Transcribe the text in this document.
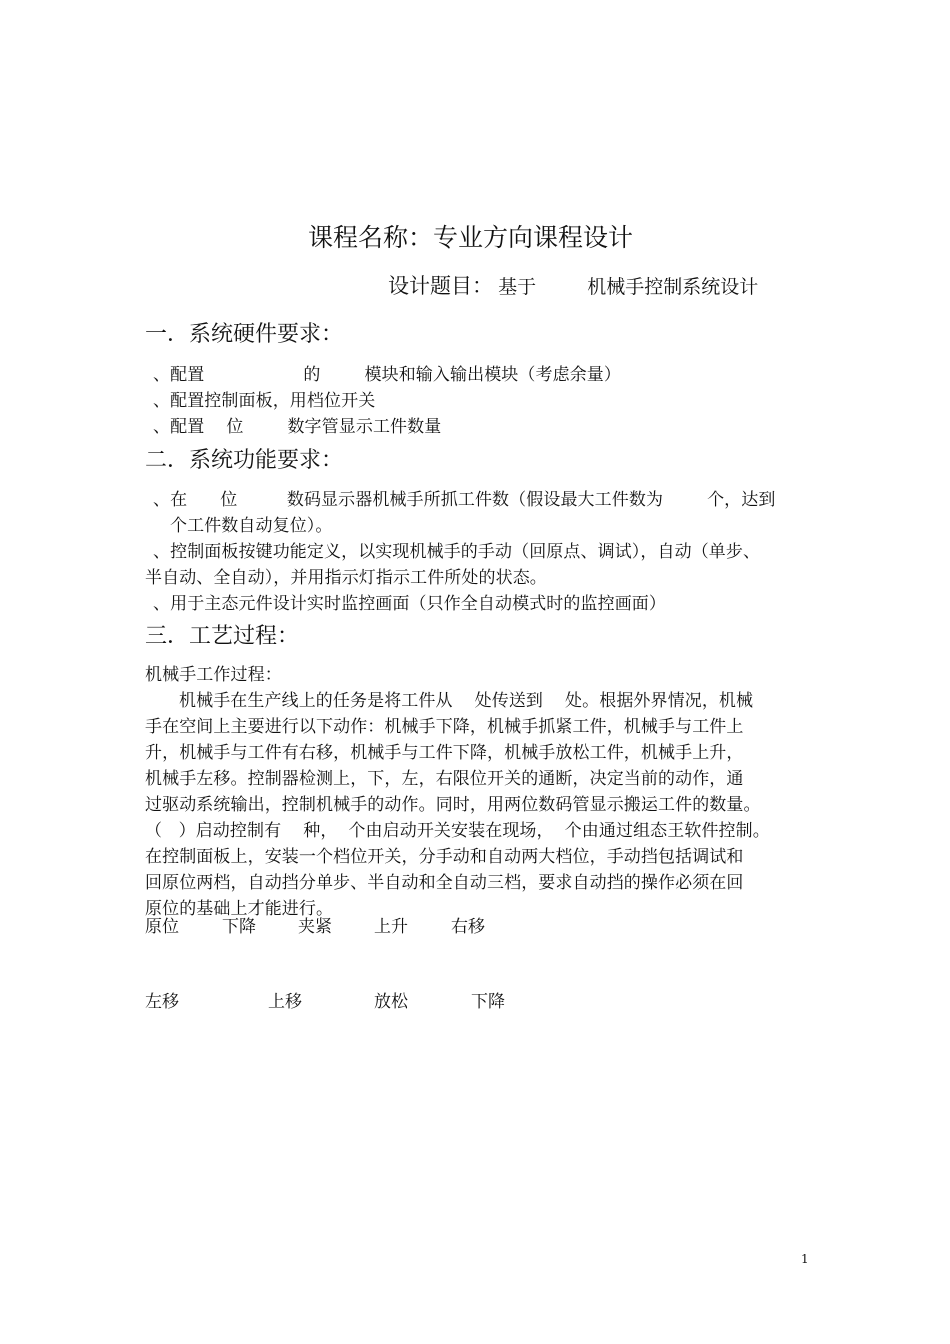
课程名称：专业方向课程设计
设计题目： 基于	机械手控制系统设计
一．系统硬件要求：

、配置                  的        模块和输入输出模块（考虑余量）

、配置控制面板，用档位开关

、配置    位        数字管显示工件数量

二．系统功能要求：

、在      位         数码显示器机械手所抓工件数（假设最大工件数为        个，达到

个工件数自动复位）。

、控制面板按键功能定义，以实现机械手的手动（回原点、调试），自动（单步、

半自动、全自动），并用指示灯指示工件所处的状态。

、用于主态元件设计实时监控画面（只作全自动模式时的监控画面）

三．工艺过程：

机械手工作过程：

机械手在生产线上的任务是将工件从    处传送到    处。根据外界情况，机械

手在空间上主要进行以下动作：机械手下降，机械手抓紧工件，机械手与工件上

升，机械手与工件有右移，机械手与工件下降，机械手放松工件，机械手上升，

机械手左移。控制器检测上，下，左，右限位开关的通断，决定当前的动作，通

过驱动系统输出，控制机械手的动作。同时，用两位数码管显示搬运工件的数量。

（   ）启动控制有    种，  个由启动开关安装在现场，  个由通过组态王软件控制。

在控制面板上，安装一个档位开关，分手动和自动两大档位，手动挡包括调试和

回原位两档，自动挡分单步、半自动和全自动三档，要求自动挡的操作必须在回

原位的基础上才能进行。

原位	下降 夹紧 上升	右移
左移	上移	放松	下降
1
